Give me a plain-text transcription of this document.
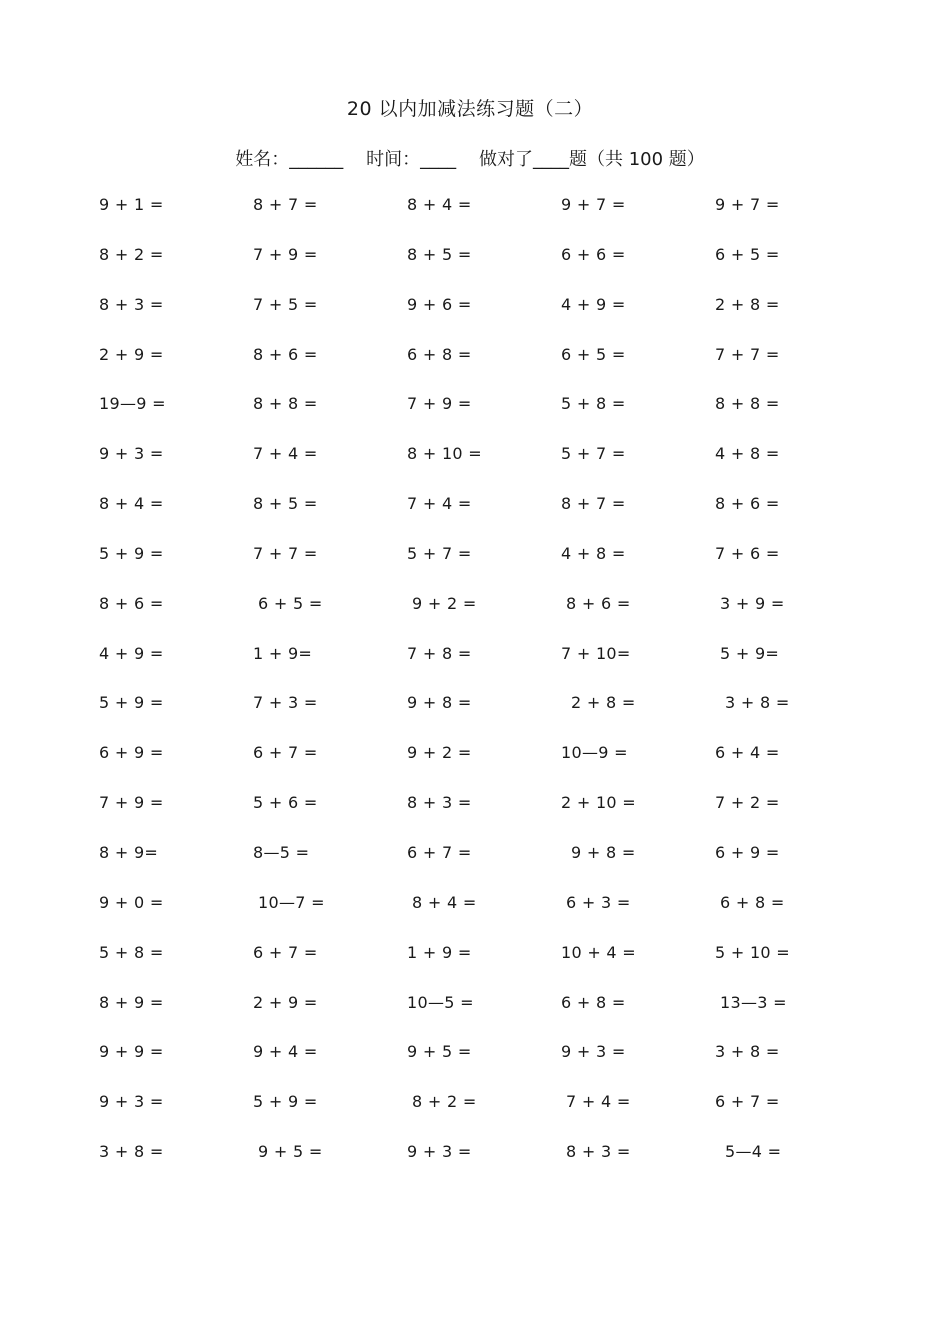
20 以内加减法练习题（二）
姓名：______    时间：____    做对了____题（共 100 题）
9 + 1 =	8 + 7 =	8 + 4 =	9 + 7 =	9 + 7 =
8 + 2 =	7 + 9 =	8 + 5 =	6 + 6 =	6 + 5 =
8 + 3 =	7 + 5 =	9 + 6 =	4 + 9 =	2 + 8 =
2 + 9 =	8 + 6 =	6 + 8 =	6 + 5 =	7 + 7 =
19—9 =	8 + 8 =	7 + 9 =	5 + 8 =	8 + 8 =
9 + 3 =	7 + 4 =	8 + 10 =	5 + 7 =	4 + 8 =
8 + 4 =	8 + 5 =	7 + 4 =	8 + 7 =	8 + 6 =
5 + 9 =	7 + 7 =	5 + 7 =	4 + 8 =	7 + 6 =
8 + 6 =	6 + 5 =	9 + 2 =	8 + 6 =	3 + 9 =
4 + 9 =	1 + 9=	7 + 8 =	7 + 10=	5 + 9=
5 + 9 =	7 + 3 =	9 + 8 =	2 + 8 =	3 + 8 =
6 + 9 =	6 + 7 =	9 + 2 =	10—9 =	6 + 4 =
7 + 9 =	5 + 6 =	8 + 3 =	2 + 10 =	7 + 2 =
8 + 9=	8—5 =	6 + 7 =	9 + 8 =	6 + 9 =
9 + 0 =	10—7 =	8 + 4 =	6 + 3 =	6 + 8 =
5 + 8 =	6 + 7 =	1 + 9 =	10 + 4 =	5 + 10 =
8 + 9 =	2 + 9 =	10—5 =	6 + 8 =	13—3 =
9 + 9 =	9 + 4 =	9 + 5 =	9 + 3 =	3 + 8 =
9 + 3 =	5 + 9 =	8 + 2 =	7 + 4 =	6 + 7 =
3 + 8 =	9 + 5 =	9 + 3 =	8 + 3 =	5—4 =
